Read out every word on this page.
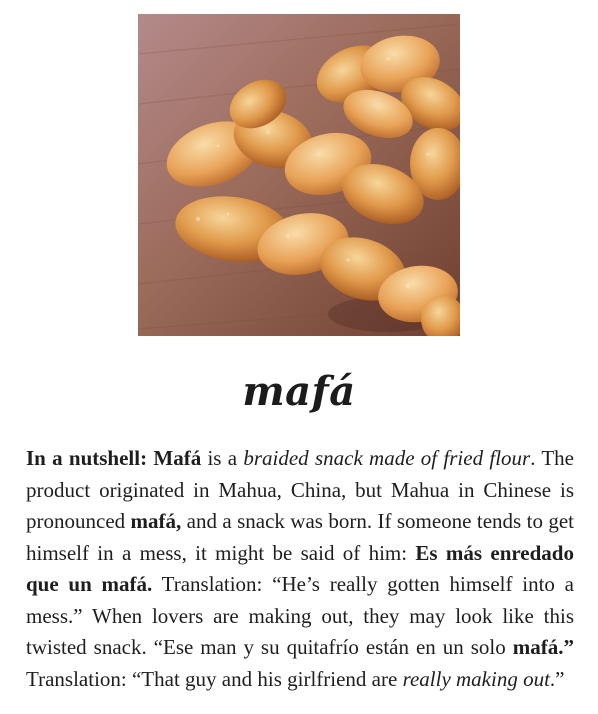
mafá
In a nutshell: Mafá is a braided snack made of fried flour. The product originated in Mahua, China, but Mahua in Chinese is pronounced mafá, and a snack was born. If someone tends to get himself in a mess, it might be said of him: Es más enredado que un mafá. Translation: “He’s really gotten himself into a mess.” When lovers are making out, they may look like this twisted snack. “Ese man y su quitafrío están en un solo mafá.” Translation: “That guy and his girlfriend are really making out.”
